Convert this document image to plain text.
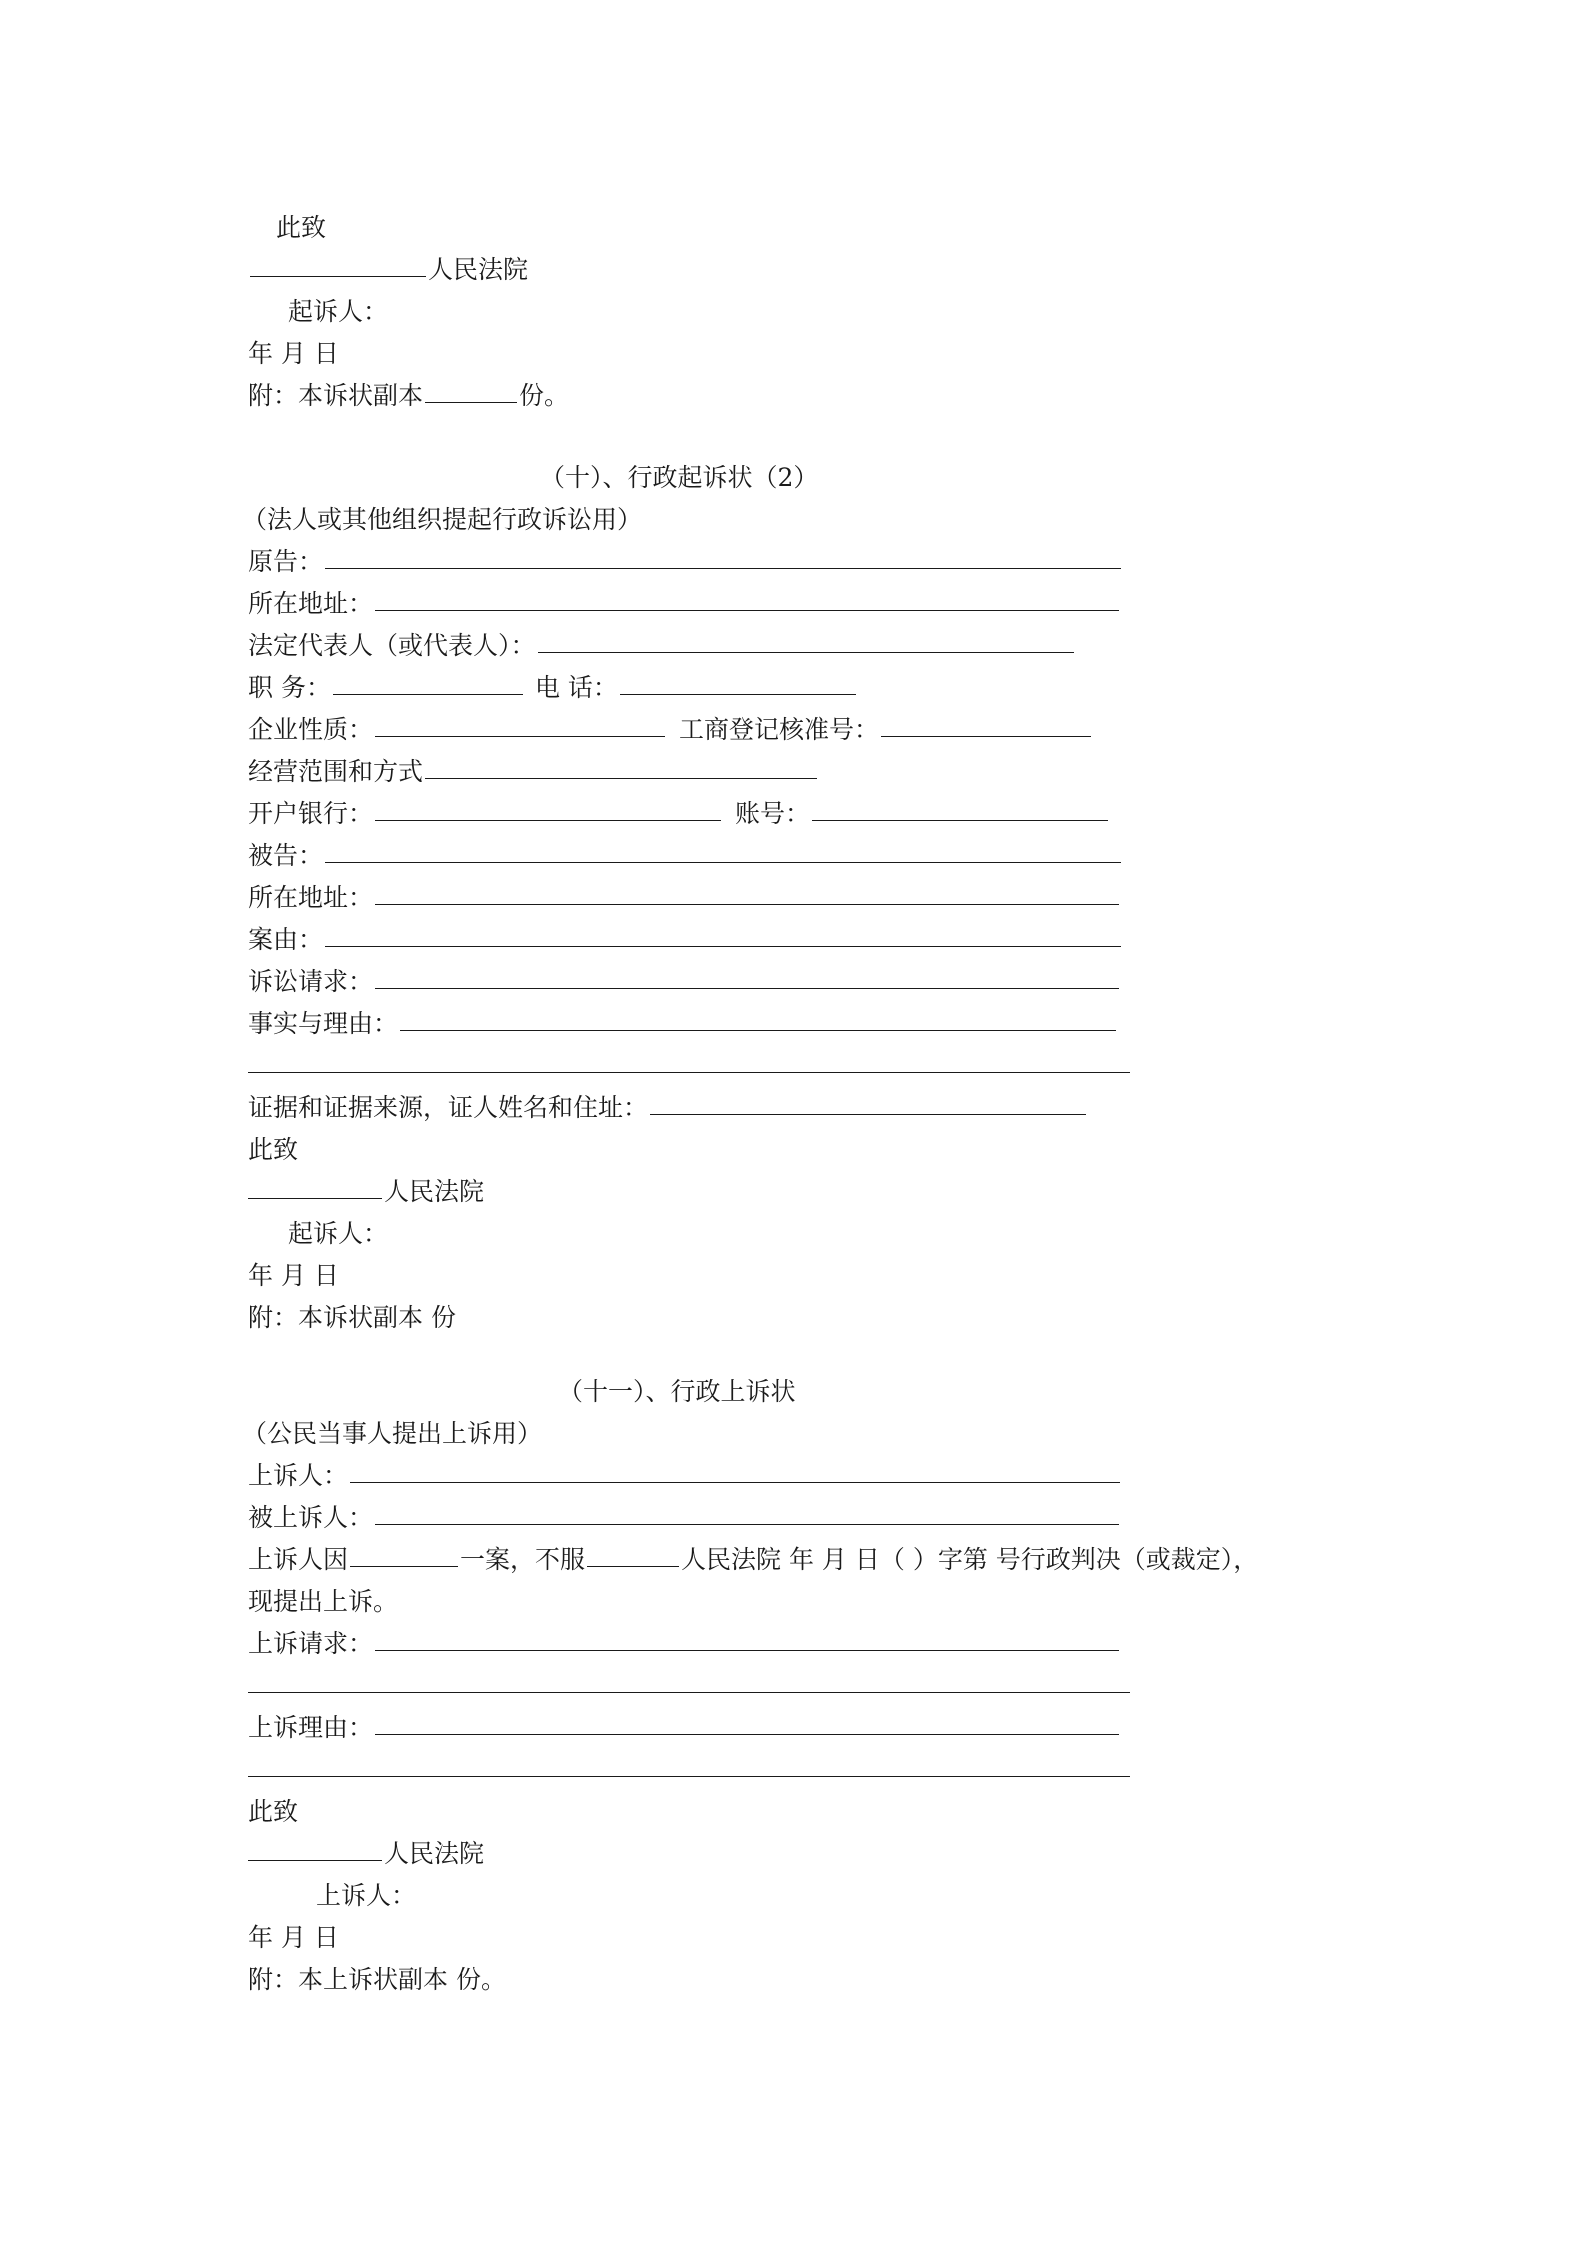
此致
人民法院
起诉人：
年 月 日
附：本诉状副本	份。
（十）、行政起诉状（2）
（法人或其他组织提起行政诉讼用）
原告：
所在地址：
法定代表人（或代表人）：
职 务：	电 话：
企业性质：	工商登记核准号：
经营范围和方式
开户银行：	账号：
被告：
所在地址：
案由：
诉讼请求：
事实与理由：
证据和证据来源，证人姓名和住址：
此致
人民法院
起诉人：
年 月 日
附：本诉状副本 份
（十一）、行政上诉状
（公民当事人提出上诉用）
上诉人：
被上诉人：
上诉人因	一案，不服	人民法院 年 月 日（ ）字第 号行政判决（或裁定），
现提出上诉。
上诉请求：
上诉理由：
此致
人民法院
上诉人：
年 月 日
附：本上诉状副本 份。
